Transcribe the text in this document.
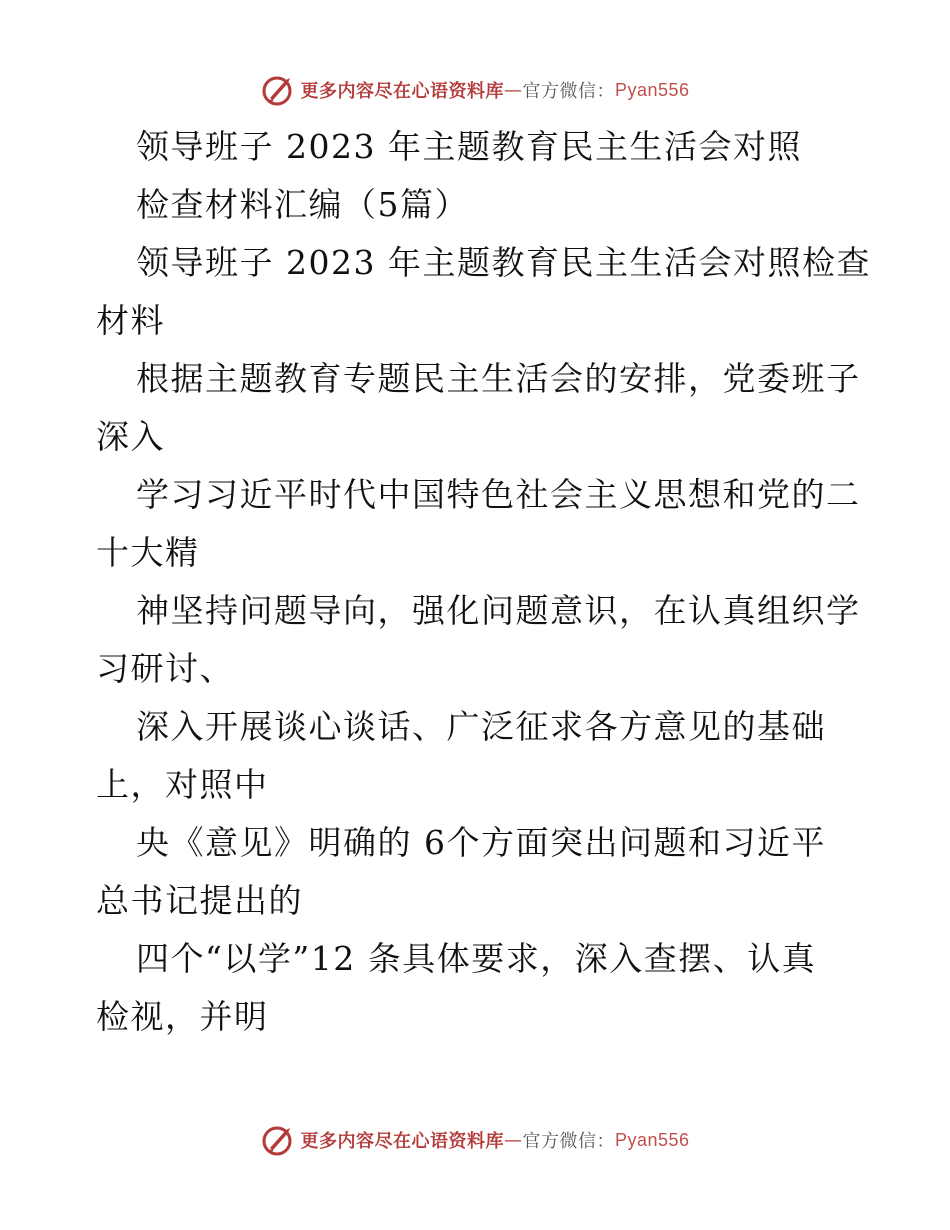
更多内容尽在心语资料库 — 官方微信： Pyan556
领导班子 2023 年主题教育民主生活会对照
检查材料汇编（5篇）
领导班子 2023 年主题教育民主生活会对照检查
材料
根据主题教育专题民主生活会的安排，党委班子
深入
学习习近平时代中国特色社会主义思想和党的二
十大精
神坚持问题导向，强化问题意识，在认真组织学
习研讨、
深入开展谈心谈话、广泛征求各方意见的基础
上，对照中
央《意见》明确的 6个方面突出问题和习近平
总书记提出的
四个“以学”12 条具体要求，深入查摆、认真
检视，并明
更多内容尽在心语资料库 — 官方微信： Pyan556
